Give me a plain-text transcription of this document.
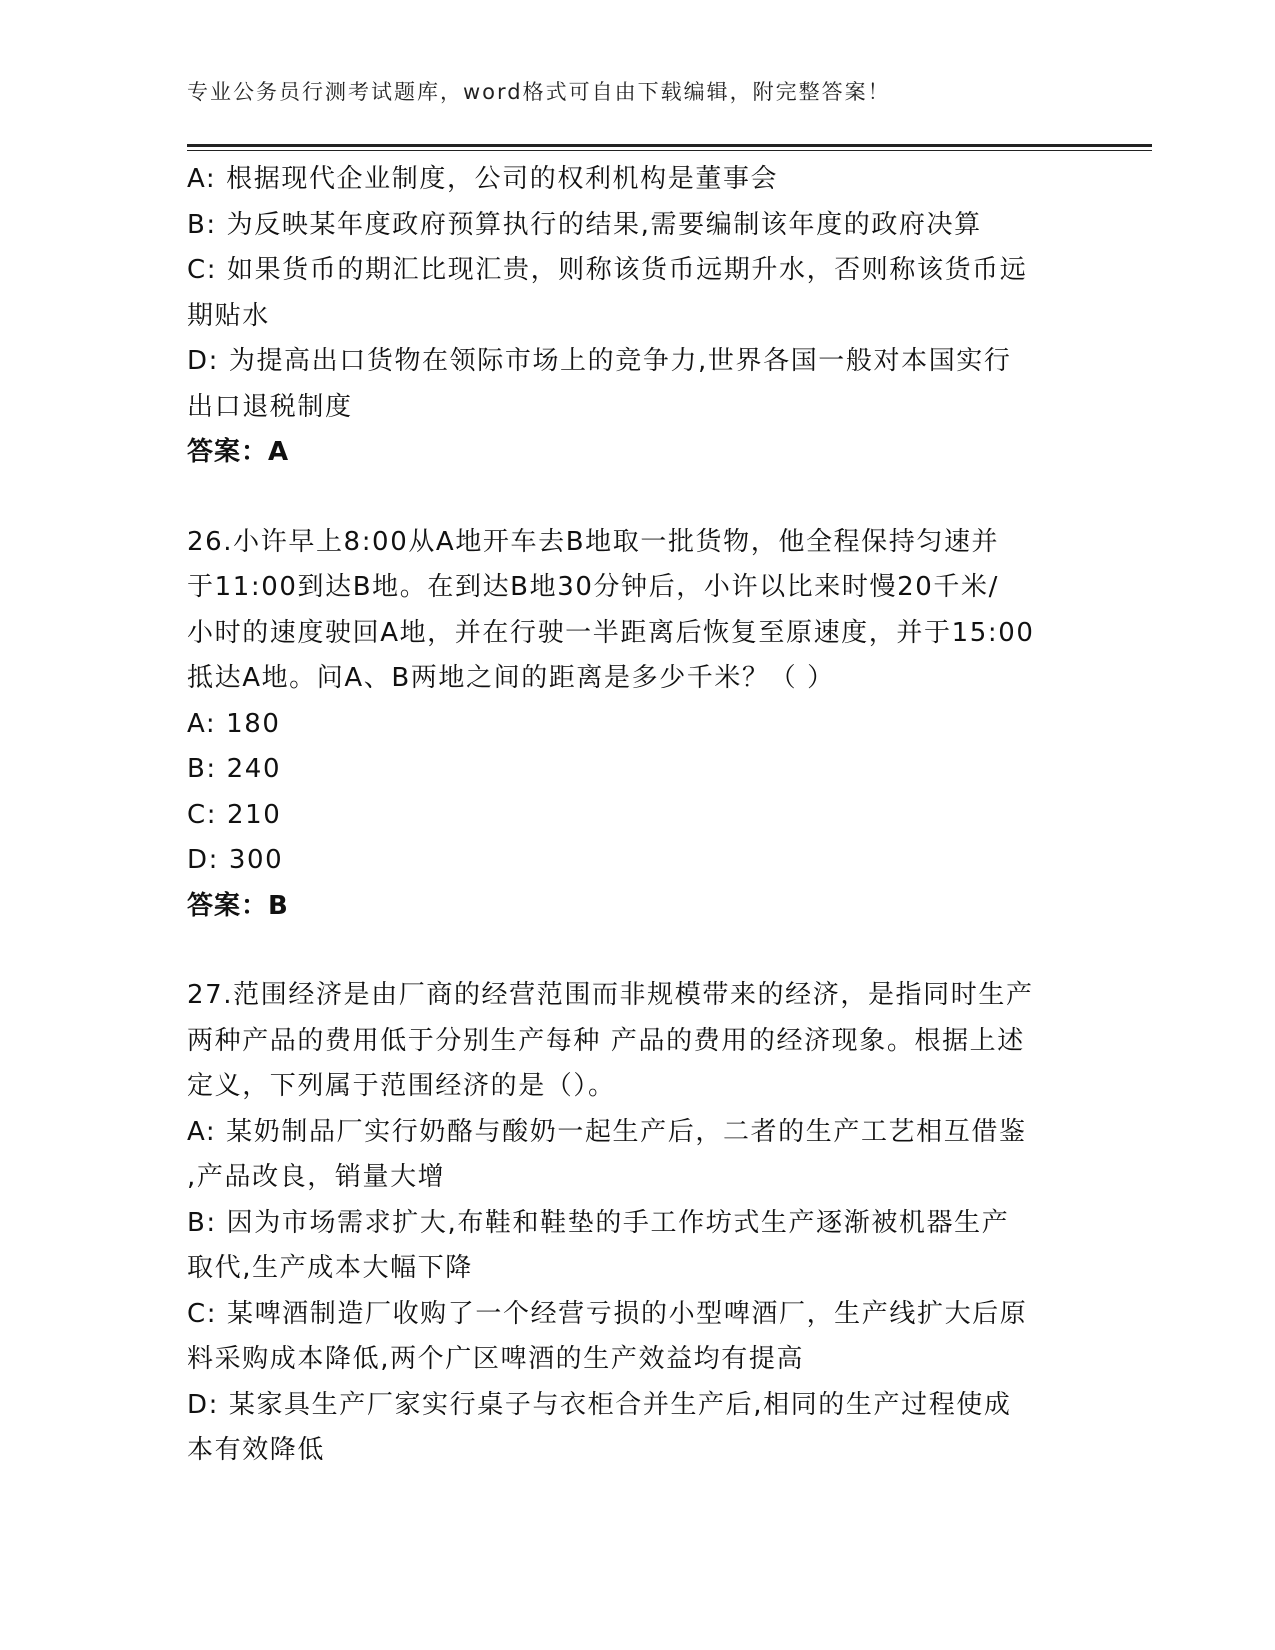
专业公务员行测考试题库，word格式可自由下载编辑，附完整答案！
A: 根据现代企业制度，公司的权利机构是董事会
B: 为反映某年度政府预算执行的结果,需要编制该年度的政府决算
C: 如果货币的期汇比现汇贵，则称该货币远期升水，否则称该货币远
期贴水
D: 为提高出口货物在领际市场上的竞争力,世界各国一般对本国实行
出口退税制度
答案：A
26.小许早上8:00从A地开车去B地取一批货物，他全程保持匀速并
于11:00到达B地。在到达B地30分钟后，小许以比来时慢20千米/
小时的速度驶回A地，并在行驶一半距离后恢复至原速度，并于15:00
抵达A地。问A、B两地之间的距离是多少千米？（ ）
A: 180
B: 240
C: 210
D: 300
答案：B
27.范围经济是由厂商的经营范围而非规模带来的经济，是指同时生产
两种产品的费用低于分别生产每种 产品的费用的经济现象。根据上述
定义，下列属于范围经济的是（）。
A: 某奶制品厂实行奶酪与酸奶一起生产后，二者的生产工艺相互借鉴
,产品改良，销量大增
B: 因为市场需求扩大,布鞋和鞋垫的手工作坊式生产逐渐被机器生产
取代,生产成本大幅下降
C: 某啤酒制造厂收购了一个经营亏损的小型啤酒厂，生产线扩大后原
料采购成本降低,两个广区啤酒的生产效益均有提高
D: 某家具生产厂家实行桌子与衣柜合并生产后,相同的生产过程使成
本有效降低
